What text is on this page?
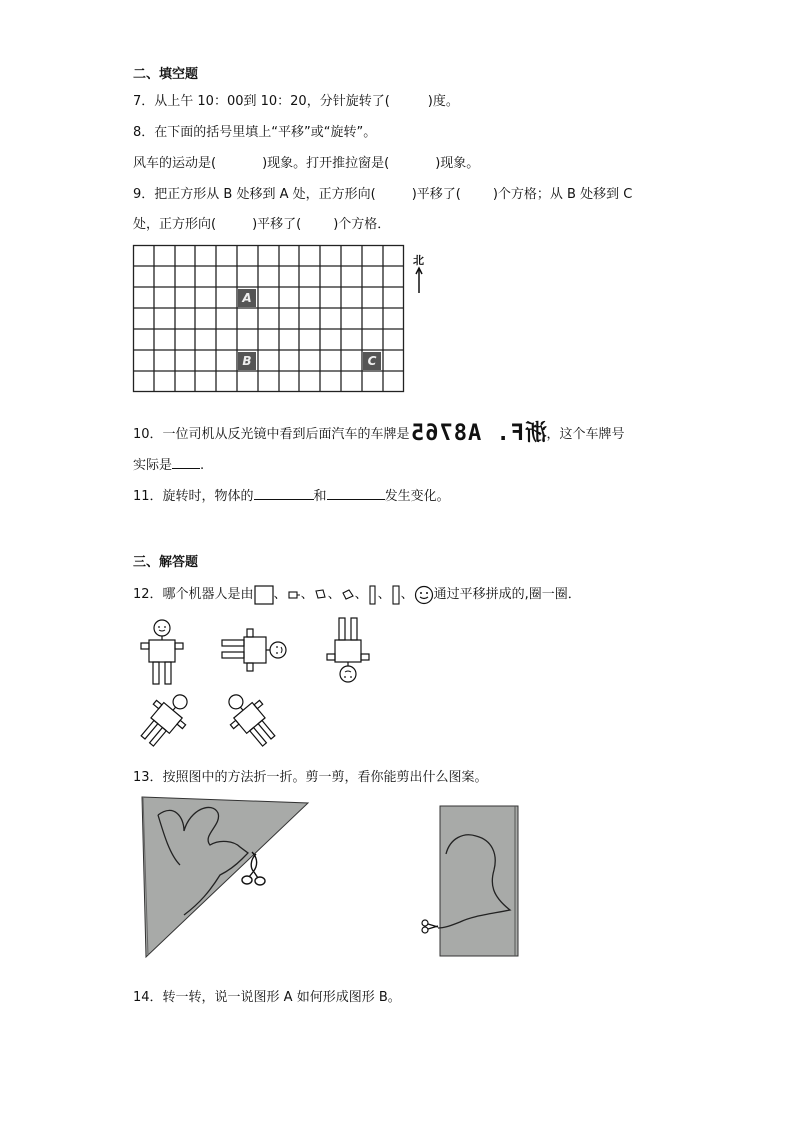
二、填空题
7．从上午 10：00到 10：20，分针旋转了(	)度。
8．在下面的括号里填上“平移”或“旋转”。
风车的运动是(	)现象。打开推拉窗是(	)现象。
9．把正方形从 B 处移到 A 处，正方形向(	)平移了( )个方格；从 B 处移到 C
处，正方形向(	)平移了( )个方格．
A
B	C
北
10．一位司机从反光镜中看到后面汽车的车牌是浙F. A8765，这个车牌号
实际是 .
11．旋转时，物体的	和	发生变化。
三、解答题
12．哪个机器人是由 、 、 、 、 、 、 通过平移拼成的,圈一圈．
13．按照图中的方法折一折。剪一剪，看你能剪出什么图案。
14．转一转，说一说图形 A 如何形成图形 B。
